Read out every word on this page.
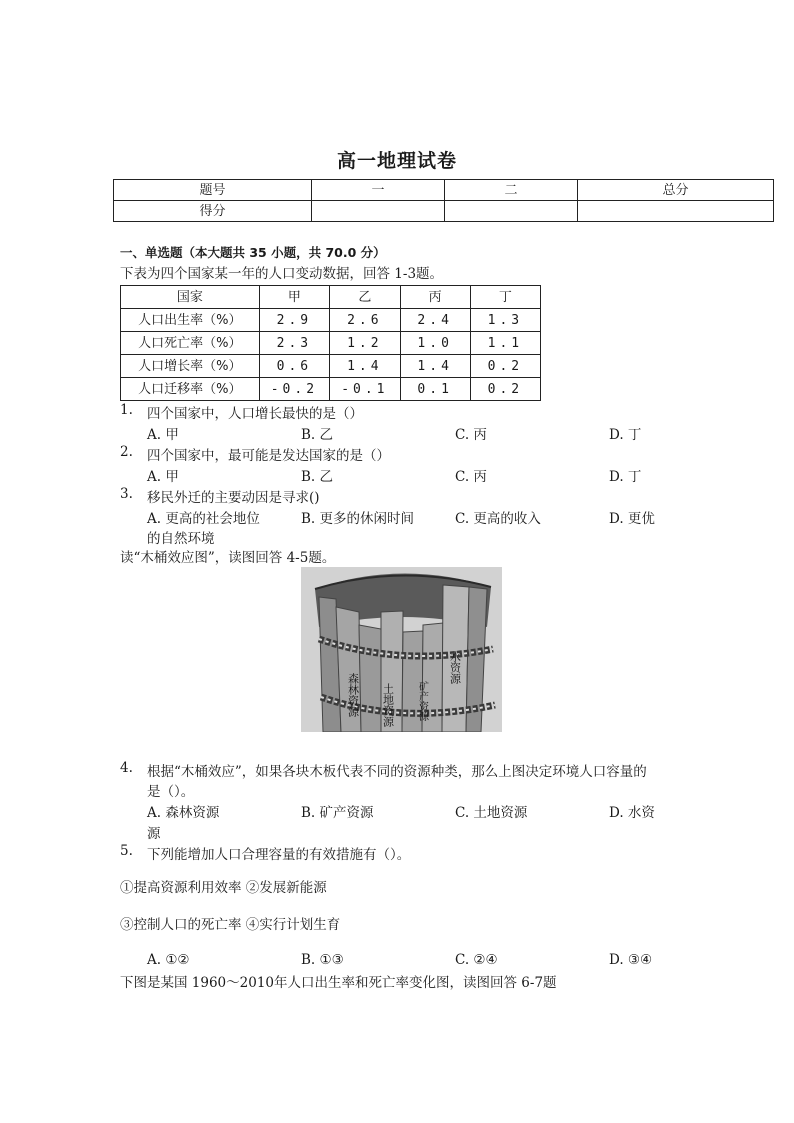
高一地理试卷
题号	一	二	总分
得分			
一、单选题（本大题共 35 小题，共 70.0 分）
下表为四个国家某一年的人口变动数据，回答 1-3题。
国家	甲	乙	丙	丁
人口出生率（%）	2.9	2.6	2.4	1.3
人口死亡率（%）	2.3	1.2	1.0	1.1
人口增长率（%）	0.6	1.4	1.4	0.2
人口迁移率（%）	-0.2	-0.1	0.1	0.2
1. 四个国家中，人口增长最快的是（）
A. 甲	B. 乙	C. 丙	D. 丁
2. 四个国家中，最可能是发达国家的是（）
A. 甲	B. 乙	C. 丙	D. 丁
3. 移民外迁的主要动因是寻求()
A. 更高的社会地位	B. 更多的休闲时间	C. 更高的收入	D. 更优
的自然环境
读“木桶效应图”，读图回答 4-5题。
森林资源 土地资源 矿产资源
水资源
4. 根据“木桶效应”，如果各块木板代表不同的资源种类，那么上图决定环境人口容量的
是（）。
A. 森林资源	B. 矿产资源	C. 土地资源	D. 水资
源
5. 下列能增加人口合理容量的有效措施有（）。
①提高资源利用效率 ②发展新能源
③控制人口的死亡率 ④实行计划生育
A. ①②	B. ①③	C. ②④	D. ③④
下图是某国 1960～2010年人口出生率和死亡率变化图，读图回答 6-7题
